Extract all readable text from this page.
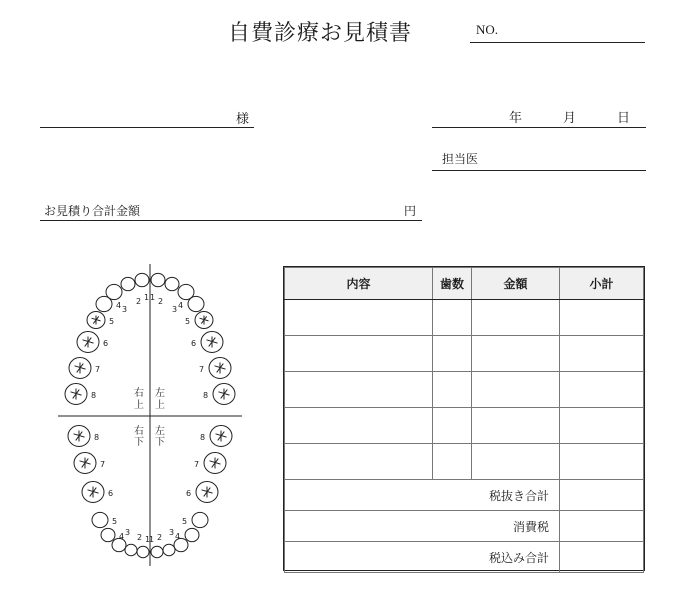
自費診療お見積書	NO.
様	年	月	日
担当医
お見積り合計金額	円
1
1
2 2
3	3
4	4
5	5
6	6
7	7
8	8
1
1
2 2
3	3
4	4
5	5
6	6
7	7
8	8
右
上
左
上
右
下
左
下
内容	歯数	金額	小計

税抜き合計			
消費税			
税込み合計			
